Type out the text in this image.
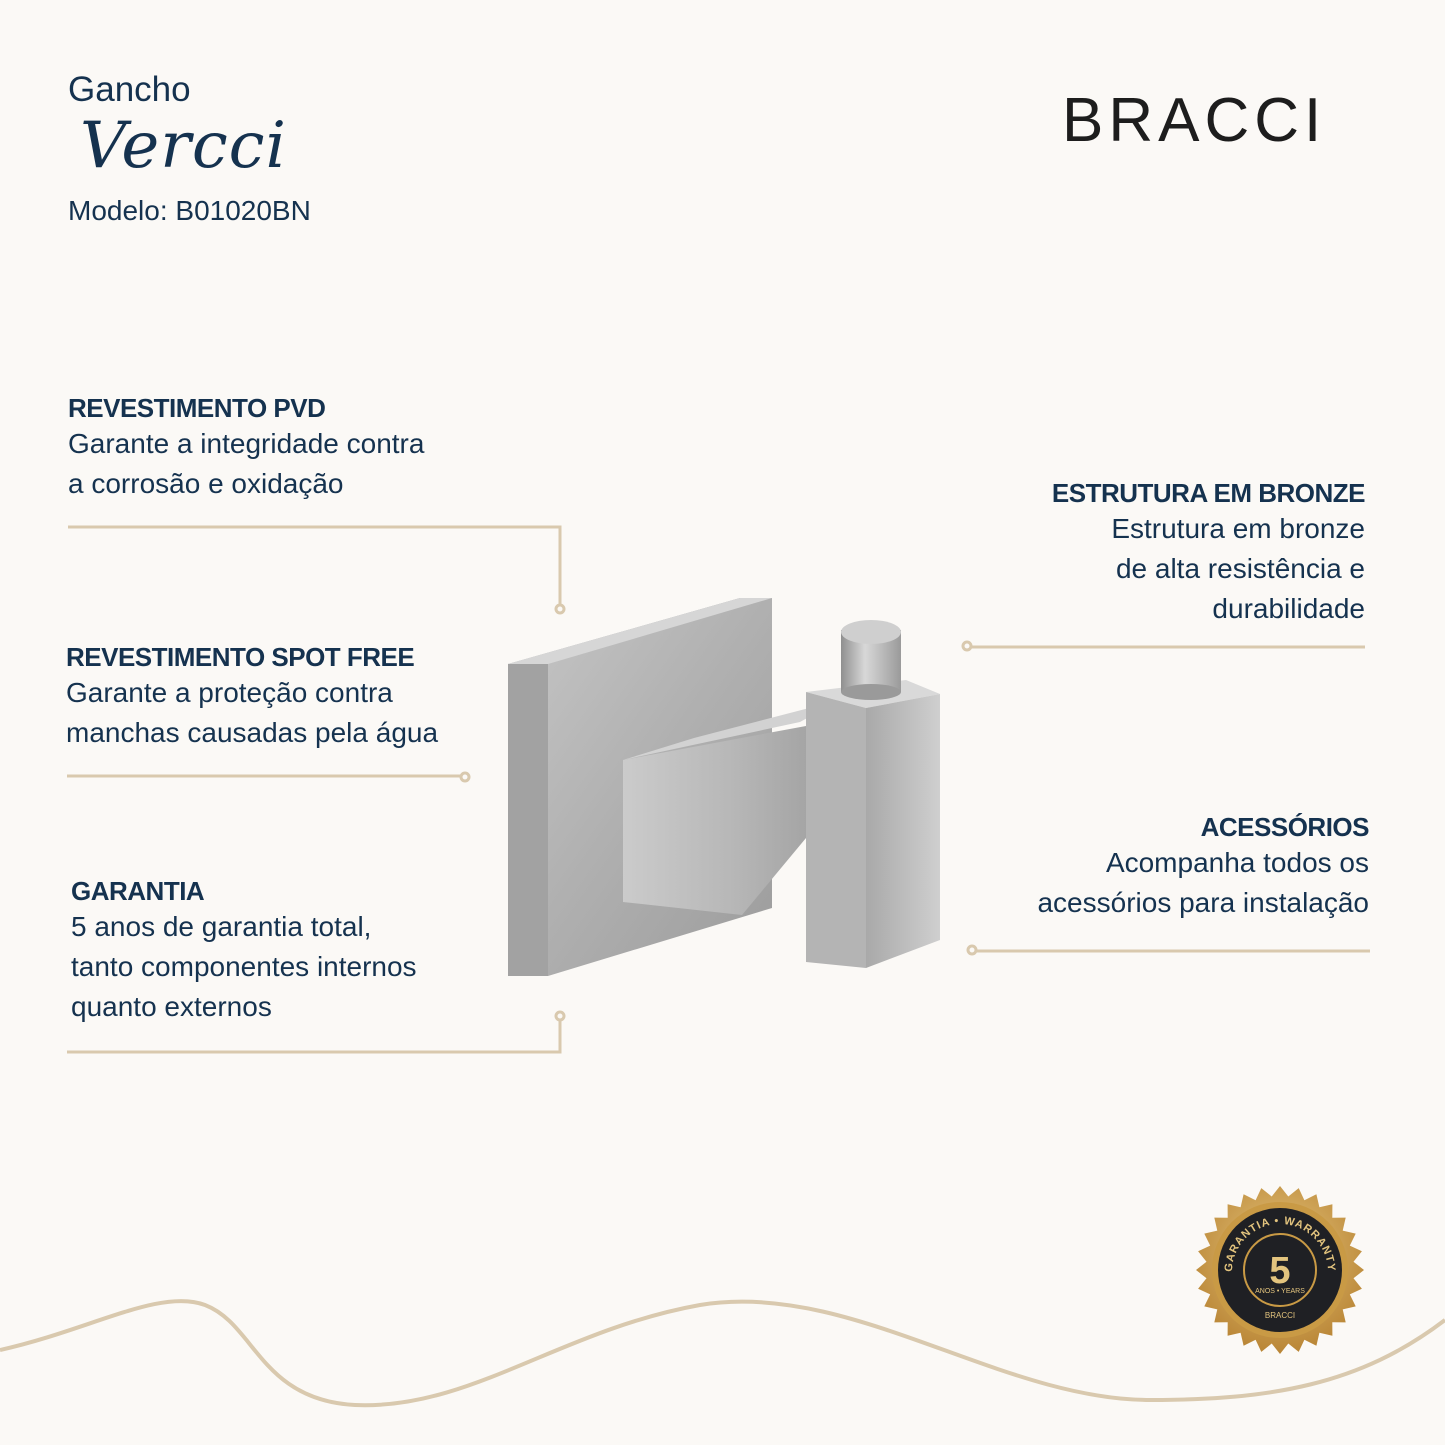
GARANTIA • WARRANTY
5
ANOS • YEARS
BRACCI
Gancho
Vercci
Modelo: B01020BN
BRACCI
REVESTIMENTO PVD
Garante a integridade contra
a corrosão e oxidação
REVESTIMENTO SPOT FREE
Garante a proteção contra
manchas causadas pela água
GARANTIA
5 anos de garantia total,
tanto componentes internos
quanto externos
ESTRUTURA EM BRONZE
Estrutura em bronze
de alta resistência e
durabilidade
ACESSÓRIOS
Acompanha todos os
acessórios para instalação
